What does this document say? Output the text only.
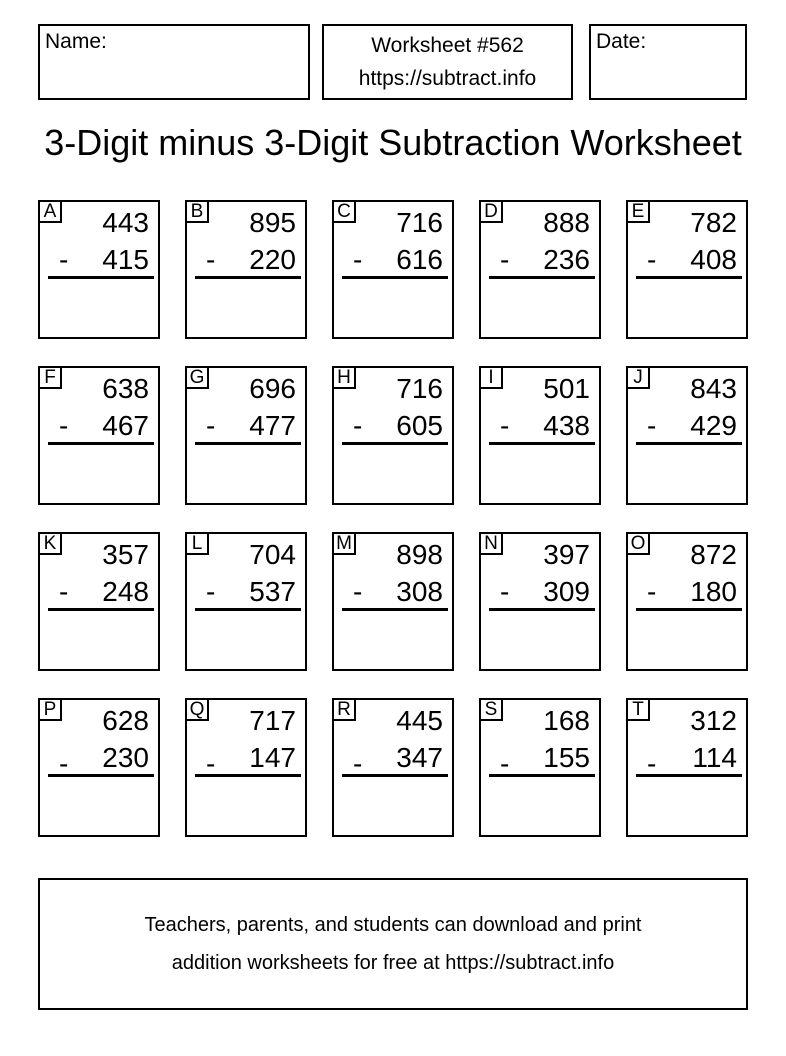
Name:	Worksheet #562
https://subtract.info
Date:
3-Digit minus 3-Digit Subtraction Worksheet
A	443
-	415
B	895
-	220
C	716
-	616
D	888
-	236
E	782
-	408
F	638
-	467
G	696
-	477
H	716
-	605
I	501
-	438
J	843
-	429
K	357
-	248
L	704
-	537
M	898
-	308
N	397
-	309
O	872
-	180
P	628
-	230
Q	717
-	147
R	445
-	347
S	168
-	155
T	312
-	114
Teachers, parents, and students can download and print
addition worksheets for free at https://subtract.info
